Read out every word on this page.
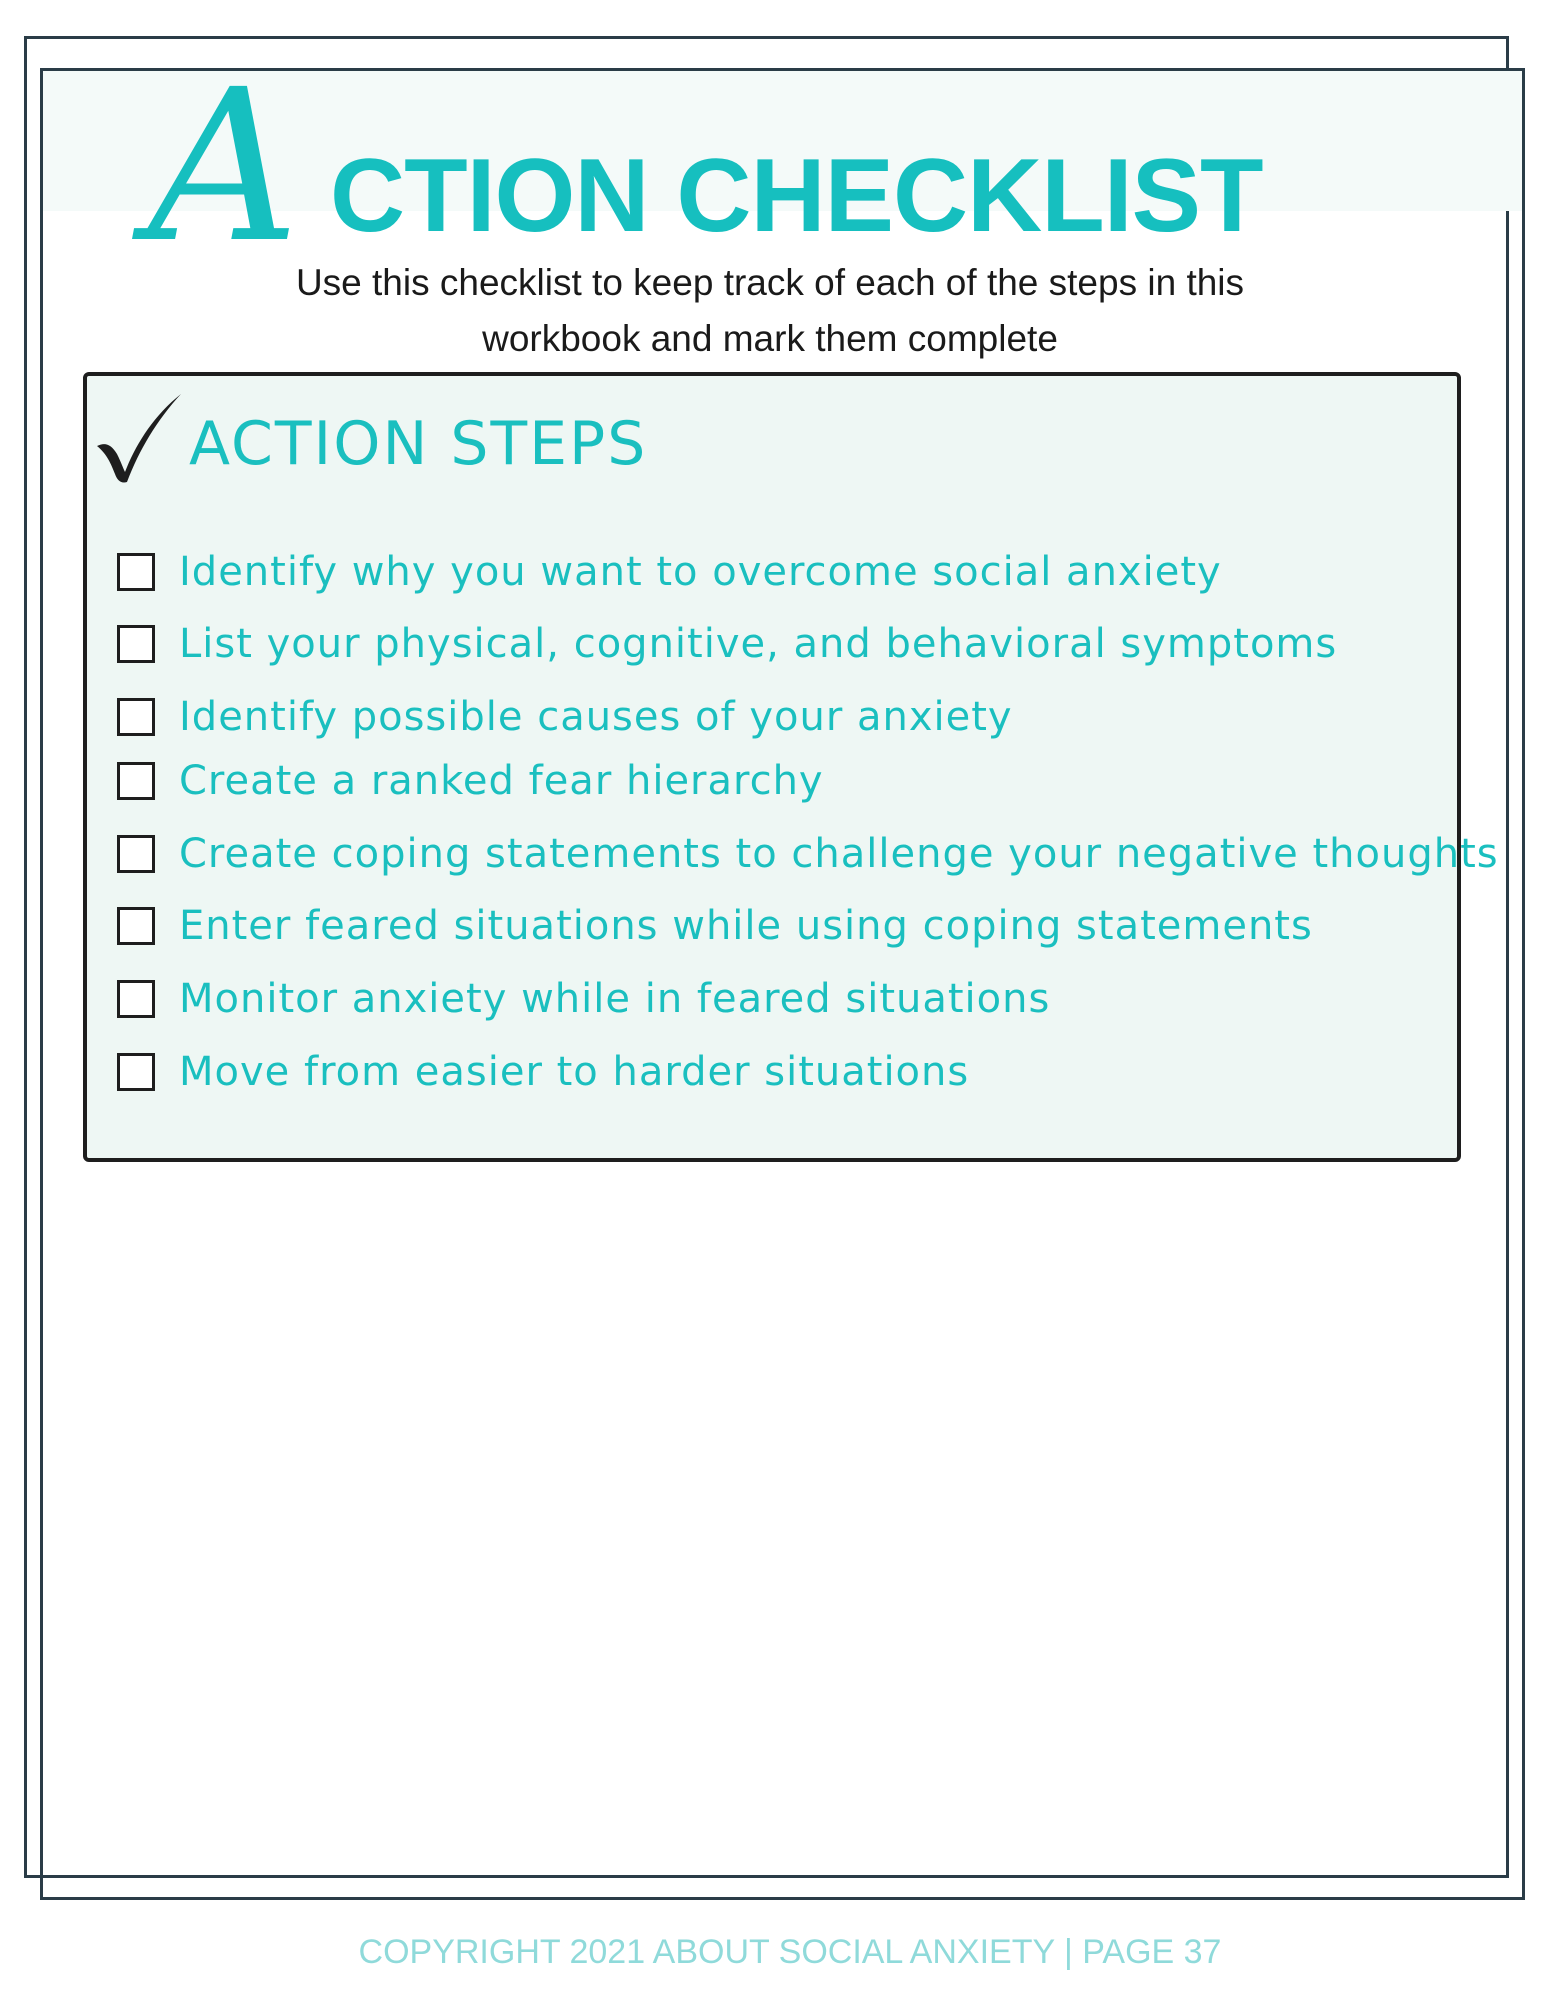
A CTION CHECKLIST
Use this checklist to keep track of each of the steps in this
workbook and mark them complete
ACTION STEPS
Identify why you want to overcome social anxiety
List your physical, cognitive, and behavioral symptoms
Identify possible causes of your anxiety
Create a ranked fear hierarchy
Create coping statements to challenge your negative thoughts
Enter feared situations while using coping statements
Monitor anxiety while in feared situations
Move from easier to harder situations
COPYRIGHT 2021 ABOUT SOCIAL ANXIETY | PAGE 37
